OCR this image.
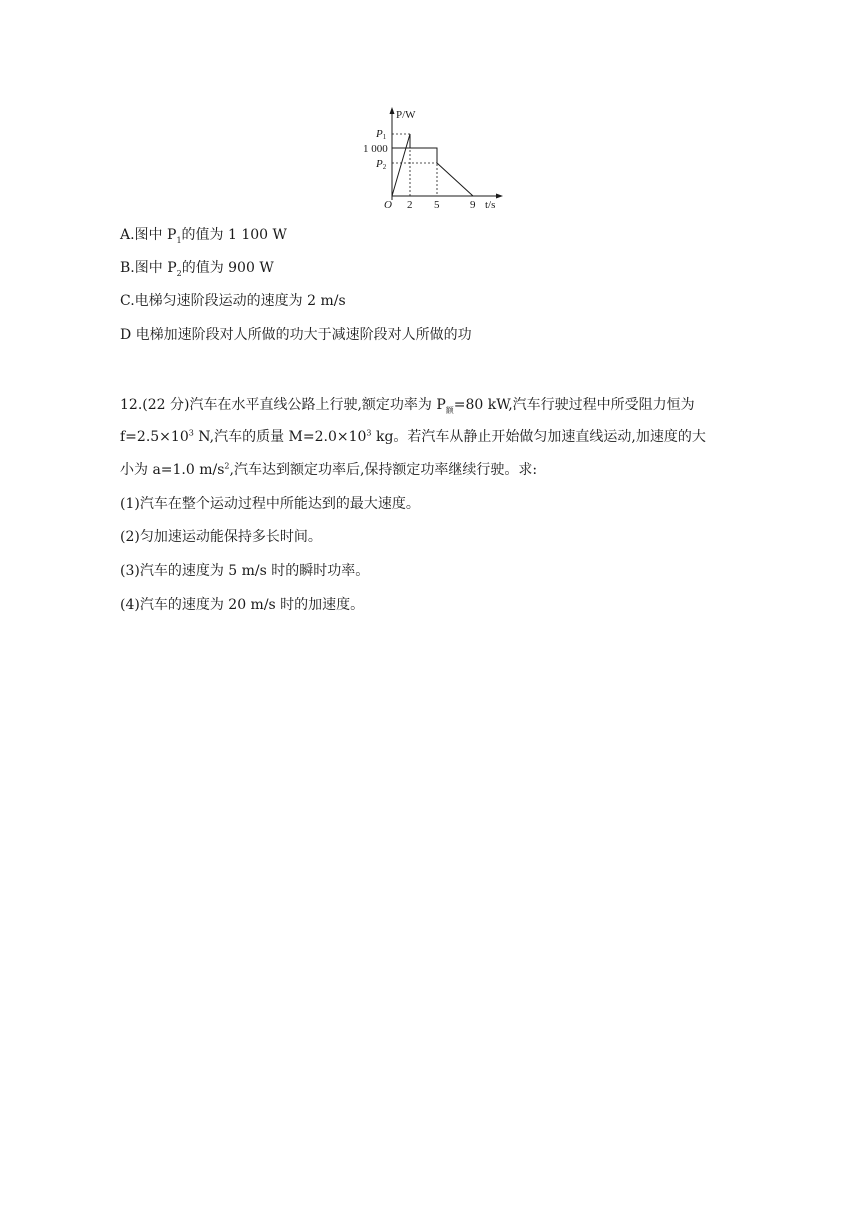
P/W
P1
1 000
P2
O 2 5	9 t/s
A.图中 $P_1$的值为 1 100 W
B.图中 $P_2$的值为 900 W
C.电梯匀速阶段运动的速度为 2 m/s
D 电梯加速阶段对人所做的功大于减速阶段对人所做的功
12.(22 分)汽车在水平直线公路上行驶,额定功率为 $P_额=80$ kW,汽车行驶过程中所受阻力恒为
$f=2.5\times 10^3$ N,汽车的质量 $M=2.0\times 10^3$ kg。若汽车从静止开始做匀加速直线运动,加速度的大
小为 a=1.0 $m/s^2$,汽车达到额定功率后,保持额定功率继续行驶。求:
(1)汽车在整个运动过程中所能达到的最大速度。
(2)匀加速运动能保持多长时间。
(3)汽车的速度为 5 m/s 时的瞬时功率。
(4)汽车的速度为 20 m/s 时的加速度。
